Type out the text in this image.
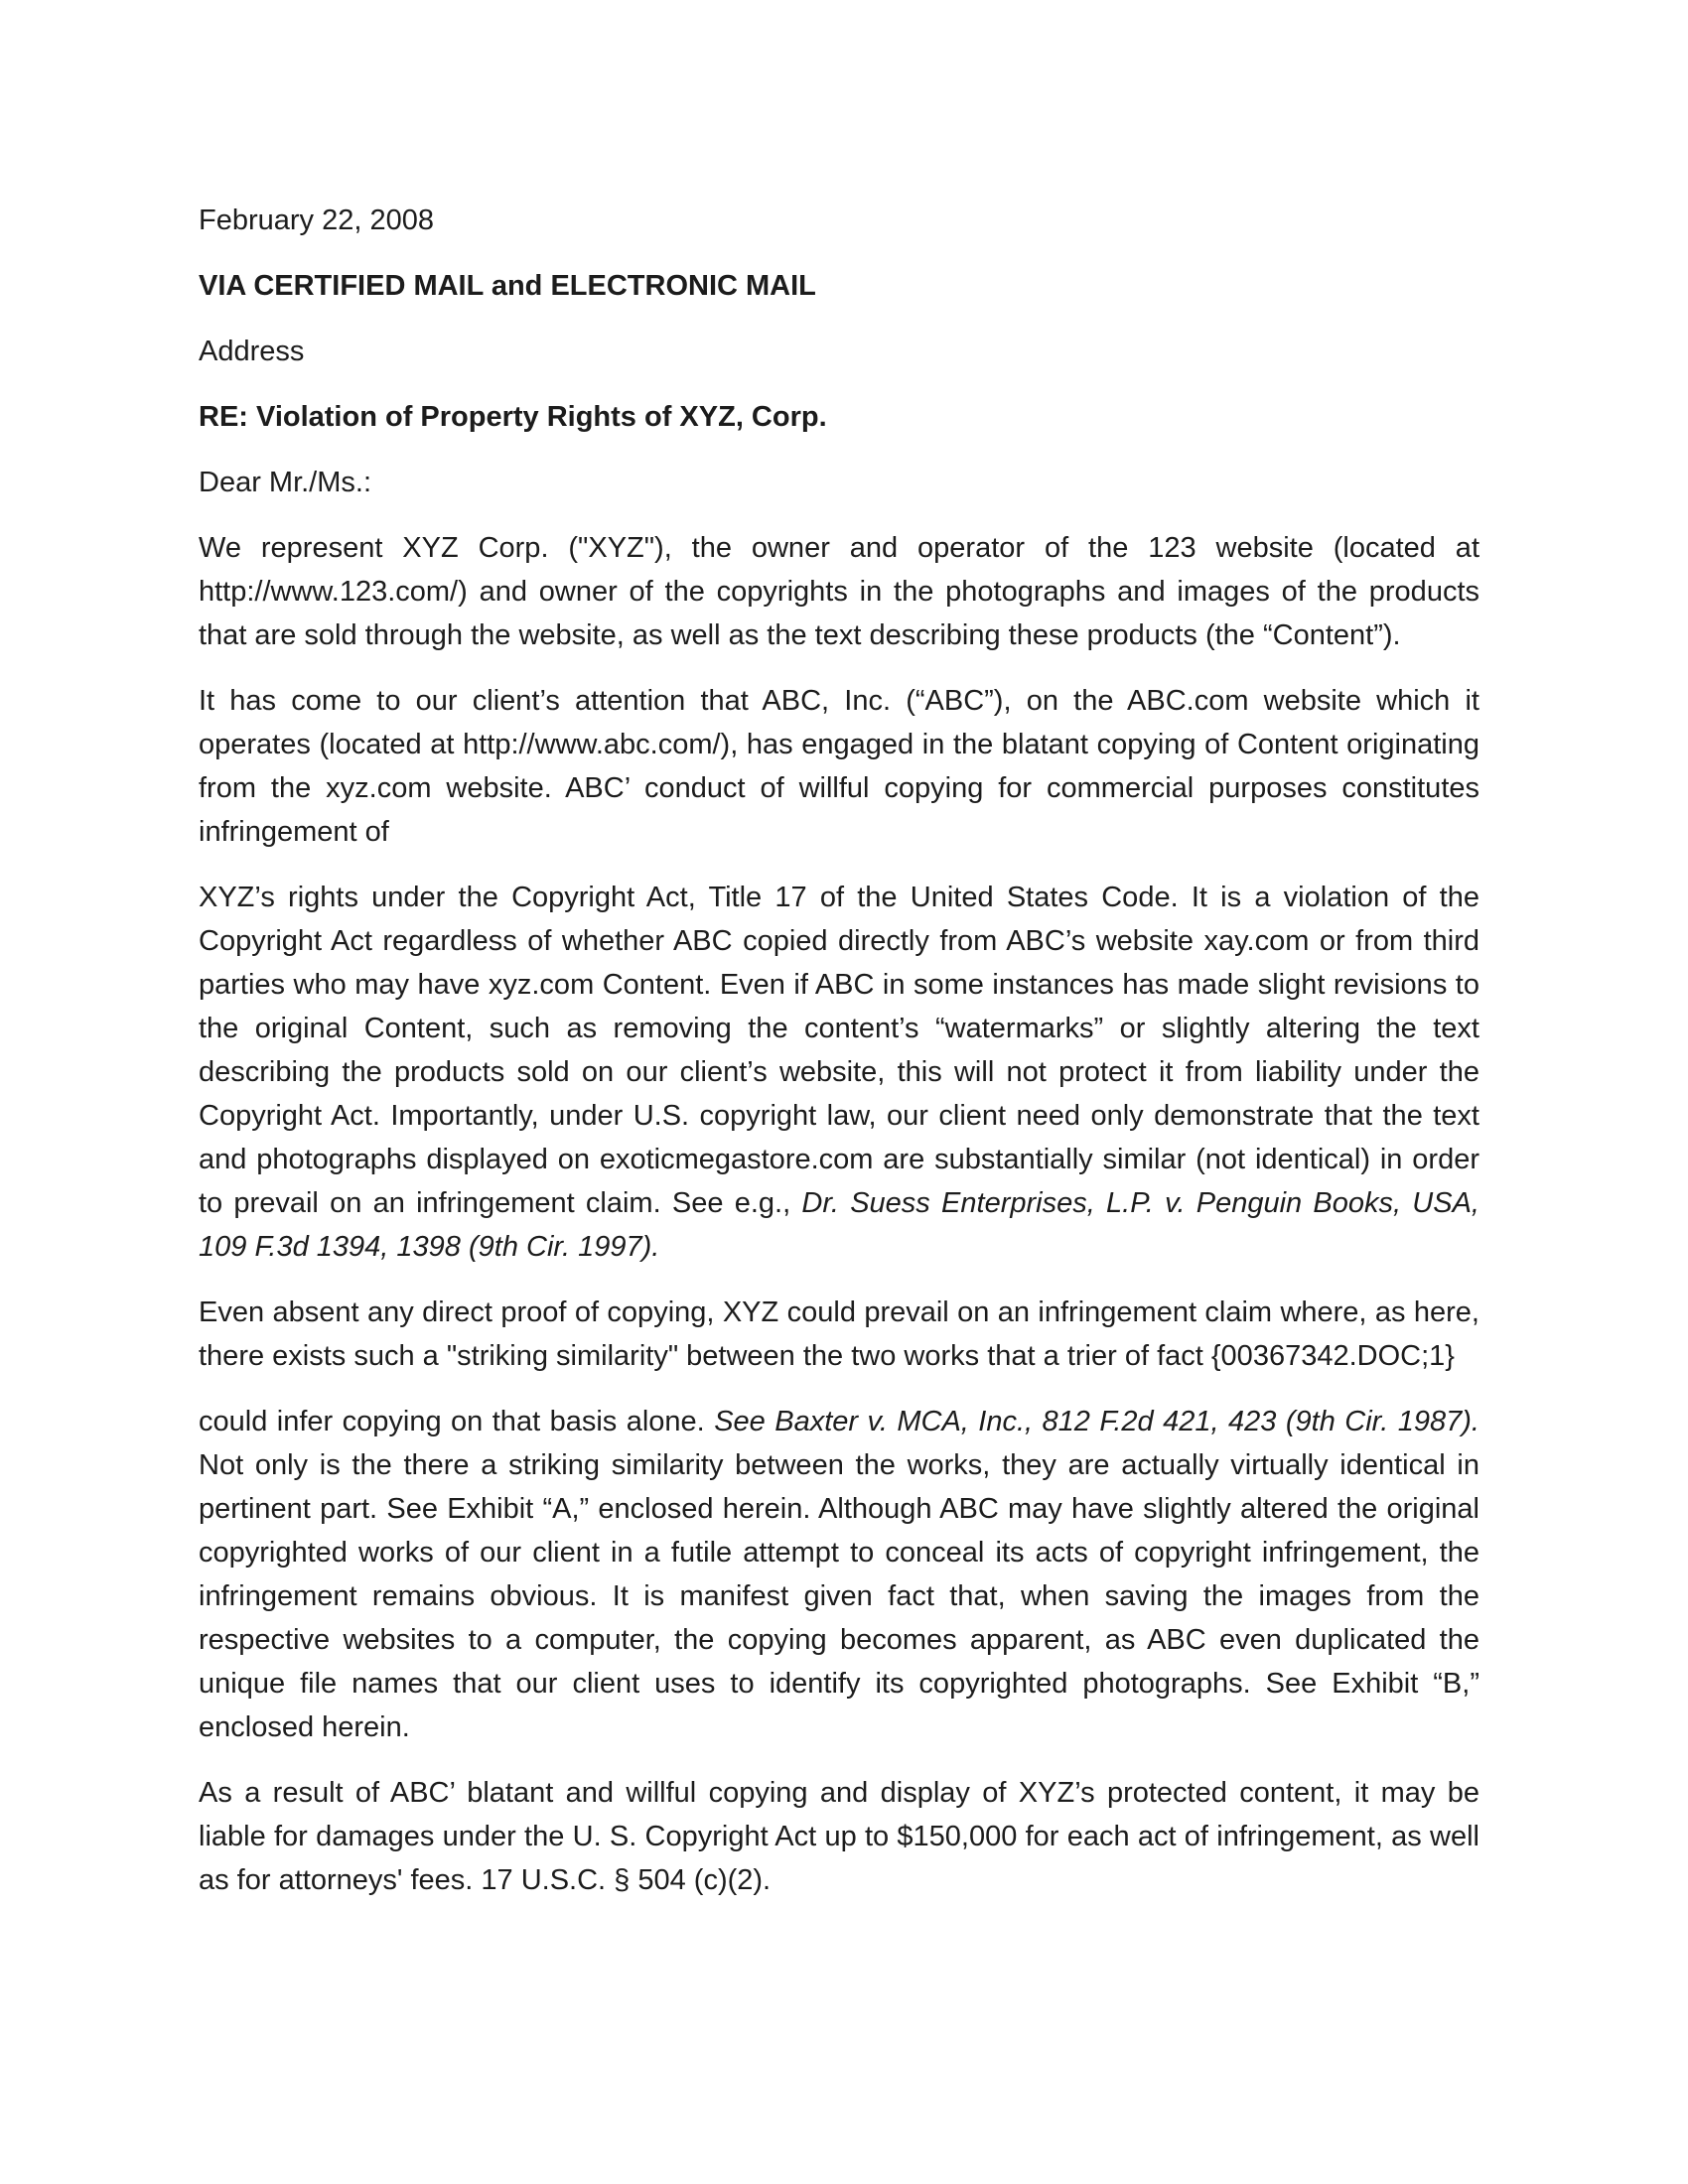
February 22, 2008

VIA CERTIFIED MAIL and ELECTRONIC MAIL

Address

RE: Violation of Property Rights of XYZ, Corp.

Dear Mr./Ms.:

We represent XYZ Corp. ("XYZ"), the owner and operator of the 123 website (located at http://www.123.com/) and owner of the copyrights in the photographs and images of the products that are sold through the website, as well as the text describing these products (the “Content”).

It has come to our client’s attention that ABC, Inc. (“ABC”), on the ABC.com website which it operates (located at http://www.abc.com/), has engaged in the blatant copying of Content originating from the xyz.com website. ABC’ conduct of willful copying for commercial purposes constitutes infringement of

XYZ’s rights under the Copyright Act, Title 17 of the United States Code. It is a violation of the Copyright Act regardless of whether ABC copied directly from ABC’s website xay.com or from third parties who may have xyz.com Content. Even if ABC in some instances has made slight revisions to the original Content, such as removing the content’s “watermarks” or slightly altering the text describing the products sold on our client’s website, this will not protect it from liability under the Copyright Act. Importantly, under U.S. copyright law, our client need only demonstrate that the text and photographs displayed on exoticmegastore.com are substantially similar (not identical) in order to prevail on an infringement claim. See e.g., Dr. Suess Enterprises, L.P. v. Penguin Books, USA, 109 F.3d 1394, 1398 (9th Cir. 1997).

Even absent any direct proof of copying, XYZ could prevail on an infringement claim where, as here, there exists such a "striking similarity" between the two works that a trier of fact {00367342.DOC;1}

could infer copying on that basis alone. See Baxter v. MCA, Inc., 812 F.2d 421, 423 (9th Cir. 1987). Not only is the there a striking similarity between the works, they are actually virtually identical in pertinent part. See Exhibit “A,” enclosed herein. Although ABC may have slightly altered the original copyrighted works of our client in a futile attempt to conceal its acts of copyright infringement, the infringement remains obvious. It is manifest given fact that, when saving the images from the respective websites to a computer, the copying becomes apparent, as ABC even duplicated the unique file names that our client uses to identify its copyrighted photographs. See Exhibit “B,” enclosed herein.

As a result of ABC’ blatant and willful copying and display of XYZ’s protected content, it may be liable for damages under the U. S. Copyright Act up to $150,000 for each act of infringement, as well as for attorneys' fees. 17 U.S.C. § 504 (c)(2).
